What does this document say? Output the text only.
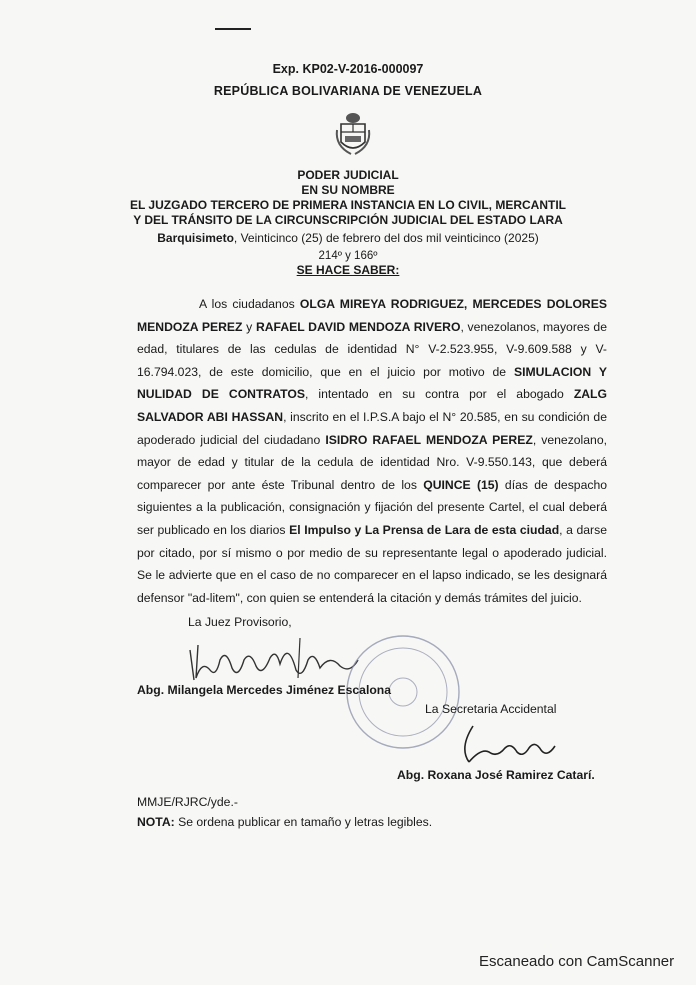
Exp. KP02-V-2016-000097
REPÚBLICA BOLIVARIANA DE VENEZUELA
PODER JUDICIAL
EN SU NOMBRE
EL JUZGADO TERCERO DE PRIMERA INSTANCIA EN LO CIVIL, MERCANTIL
Y DEL TRÁNSITO DE LA CIRCUNSCRIPCIÓN JUDICIAL DEL ESTADO LARA
Barquisimeto, Veinticinco (25) de febrero del dos mil veinticinco (2025)
214º y 166º
SE HACE SABER:
A los ciudadanos OLGA MIREYA RODRIGUEZ, MERCEDES DOLORES MENDOZA PEREZ y RAFAEL DAVID MENDOZA RIVERO, venezolanos, mayores de edad, titulares de las cedulas de identidad N° V-2.523.955, V-9.609.588 y V-16.794.023, de este domicilio, que en el juicio por motivo de SIMULACION Y NULIDAD DE CONTRATOS, intentado en su contra por el abogado ZALG SALVADOR ABI HASSAN, inscrito en el I.P.S.A bajo el N° 20.585, en su condición de apoderado judicial del ciudadano ISIDRO RAFAEL MENDOZA PEREZ, venezolano, mayor de edad y titular de la cedula de identidad Nro. V-9.550.143, que deberá comparecer por ante éste Tribunal dentro de los QUINCE (15) días de despacho siguientes a la publicación, consignación y fijación del presente Cartel, el cual deberá ser publicado en los diarios El Impulso y La Prensa de Lara de esta ciudad, a darse por citado, por sí mismo o por medio de su representante legal o apoderado judicial. Se le advierte que en el caso de no comparecer en el lapso indicado, se les designará defensor "ad-litem", con quien se entenderá la citación y demás trámites del juicio.
La Juez Provisorio,
Abg. Milangela Mercedes Jiménez Escalona
La Secretaria Accidental
Abg. Roxana José Ramirez Catarí.
MMJE/RJRC/yde.-
NOTA: Se ordena publicar en tamaño y letras legibles.
Escaneado con CamScanner
